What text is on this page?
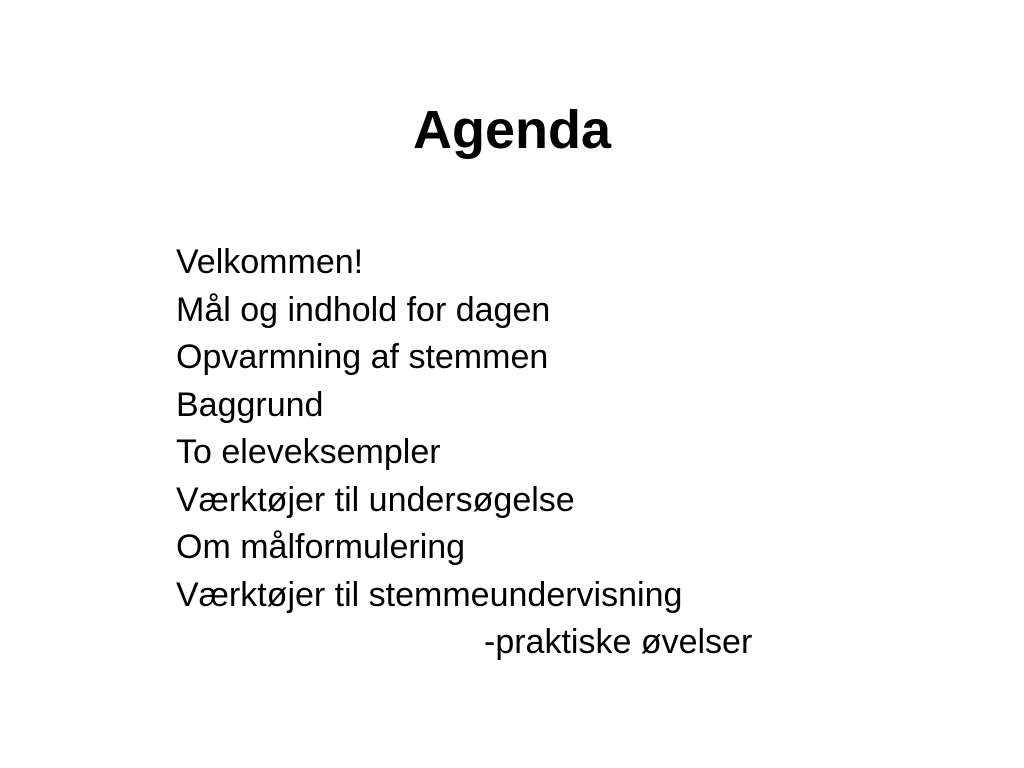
Agenda
Velkommen!
Mål og indhold for dagen
Opvarmning af stemmen
Baggrund
To eleveksempler
Værktøjer til undersøgelse
Om målformulering
Værktøjer til stemmeundervisning
-praktiske øvelser
